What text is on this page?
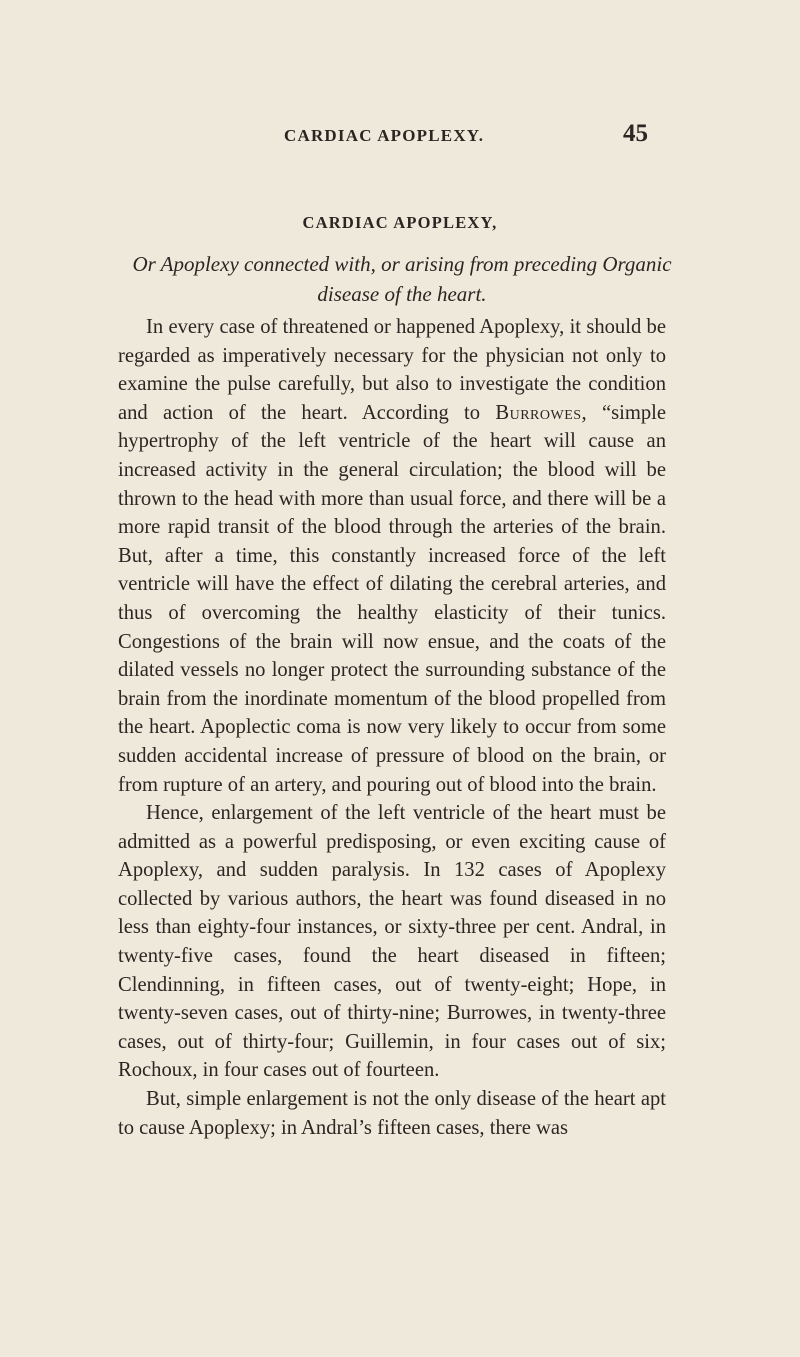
CARDIAC APOPLEXY.	45
CARDIAC APOPLEXY,
Or Apoplexy connected with, or arising from preceding Organic disease of the heart.

In every case of threatened or happened Apoplexy, it should be regarded as imperatively necessary for the physician not only to examine the pulse carefully, but also to investigate the condition and action of the heart. According to Burrowes, “simple hypertrophy of the left ventricle of the heart will cause an increased activity in the general circulation; the blood will be thrown to the head with more than usual force, and there will be a more rapid transit of the blood through the arteries of the brain. But, after a time, this constantly increased force of the left ventricle will have the effect of dilating the cerebral arteries, and thus of overcoming the healthy elasticity of their tunics. Congestions of the brain will now ensue, and the coats of the dilated vessels no longer protect the surrounding substance of the brain from the inordinate momentum of the blood propelled from the heart. Apoplectic coma is now very likely to occur from some sudden accidental increase of pressure of blood on the brain, or from rupture of an artery, and pouring out of blood into the brain.

Hence, enlargement of the left ventricle of the heart must be admitted as a powerful predisposing, or even exciting cause of Apoplexy, and sudden paralysis. In 132 cases of Apoplexy collected by various authors, the heart was found diseased in no less than eighty-four instances, or sixty-three per cent. Andral, in twenty-five cases, found the heart diseased in fifteen; Clendinning, in fifteen cases, out of twenty-eight; Hope, in twenty-seven cases, out of thirty-nine; Burrowes, in twenty-three cases, out of thirty-four; Guillemin, in four cases out of six; Rochoux, in four cases out of fourteen.

But, simple enlargement is not the only disease of the heart apt to cause Apoplexy; in Andral’s fifteen cases, there was
